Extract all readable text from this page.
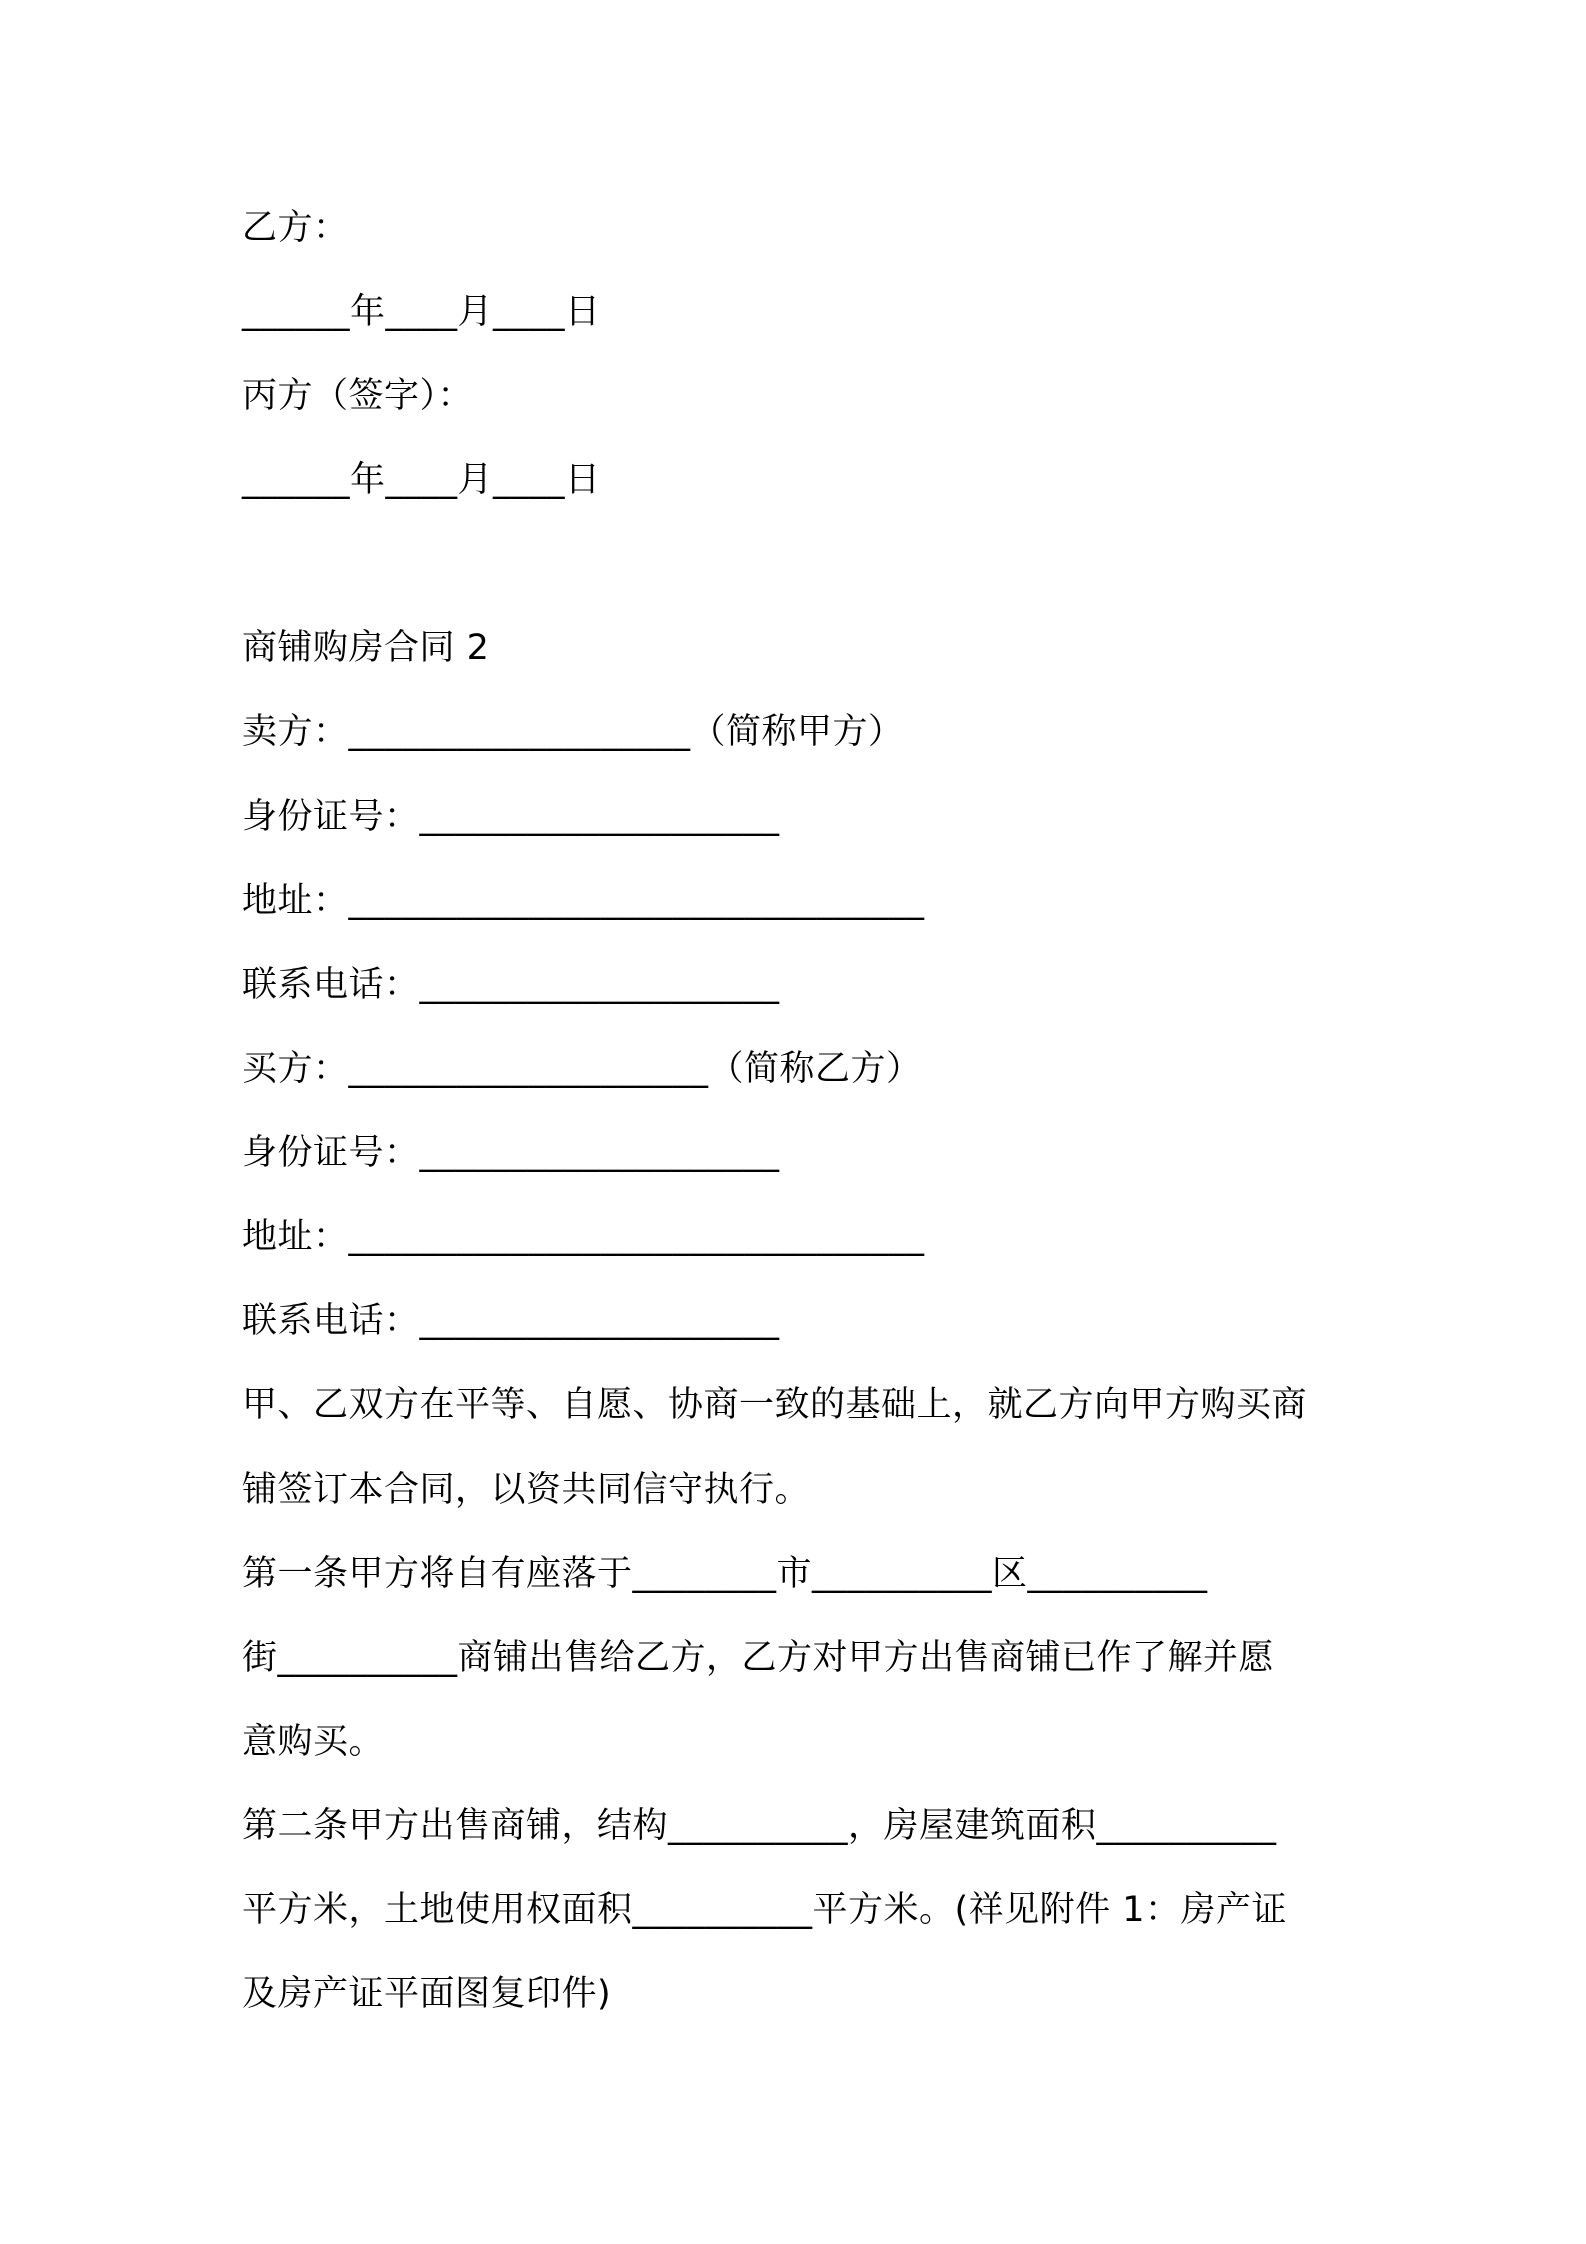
乙方：
______年____月____日
丙方（签字）：
______年____月____日
商铺购房合同 2
卖方：___________________（简称甲方）
身份证号：____________________
地址：________________________________
联系电话：____________________
买方：____________________（简称乙方）
身份证号：____________________
地址：________________________________
联系电话：____________________
甲、乙双方在平等、自愿、协商一致的基础上，就乙方向甲方购买商
铺签订本合同，以资共同信守执行。
第一条甲方将自有座落于________市__________区__________
街__________商铺出售给乙方，乙方对甲方出售商铺已作了解并愿
意购买。
第二条甲方出售商铺，结构__________，房屋建筑面积__________
平方米，土地使用权面积__________平方米。(祥见附件 1：房产证
及房产证平面图复印件)
